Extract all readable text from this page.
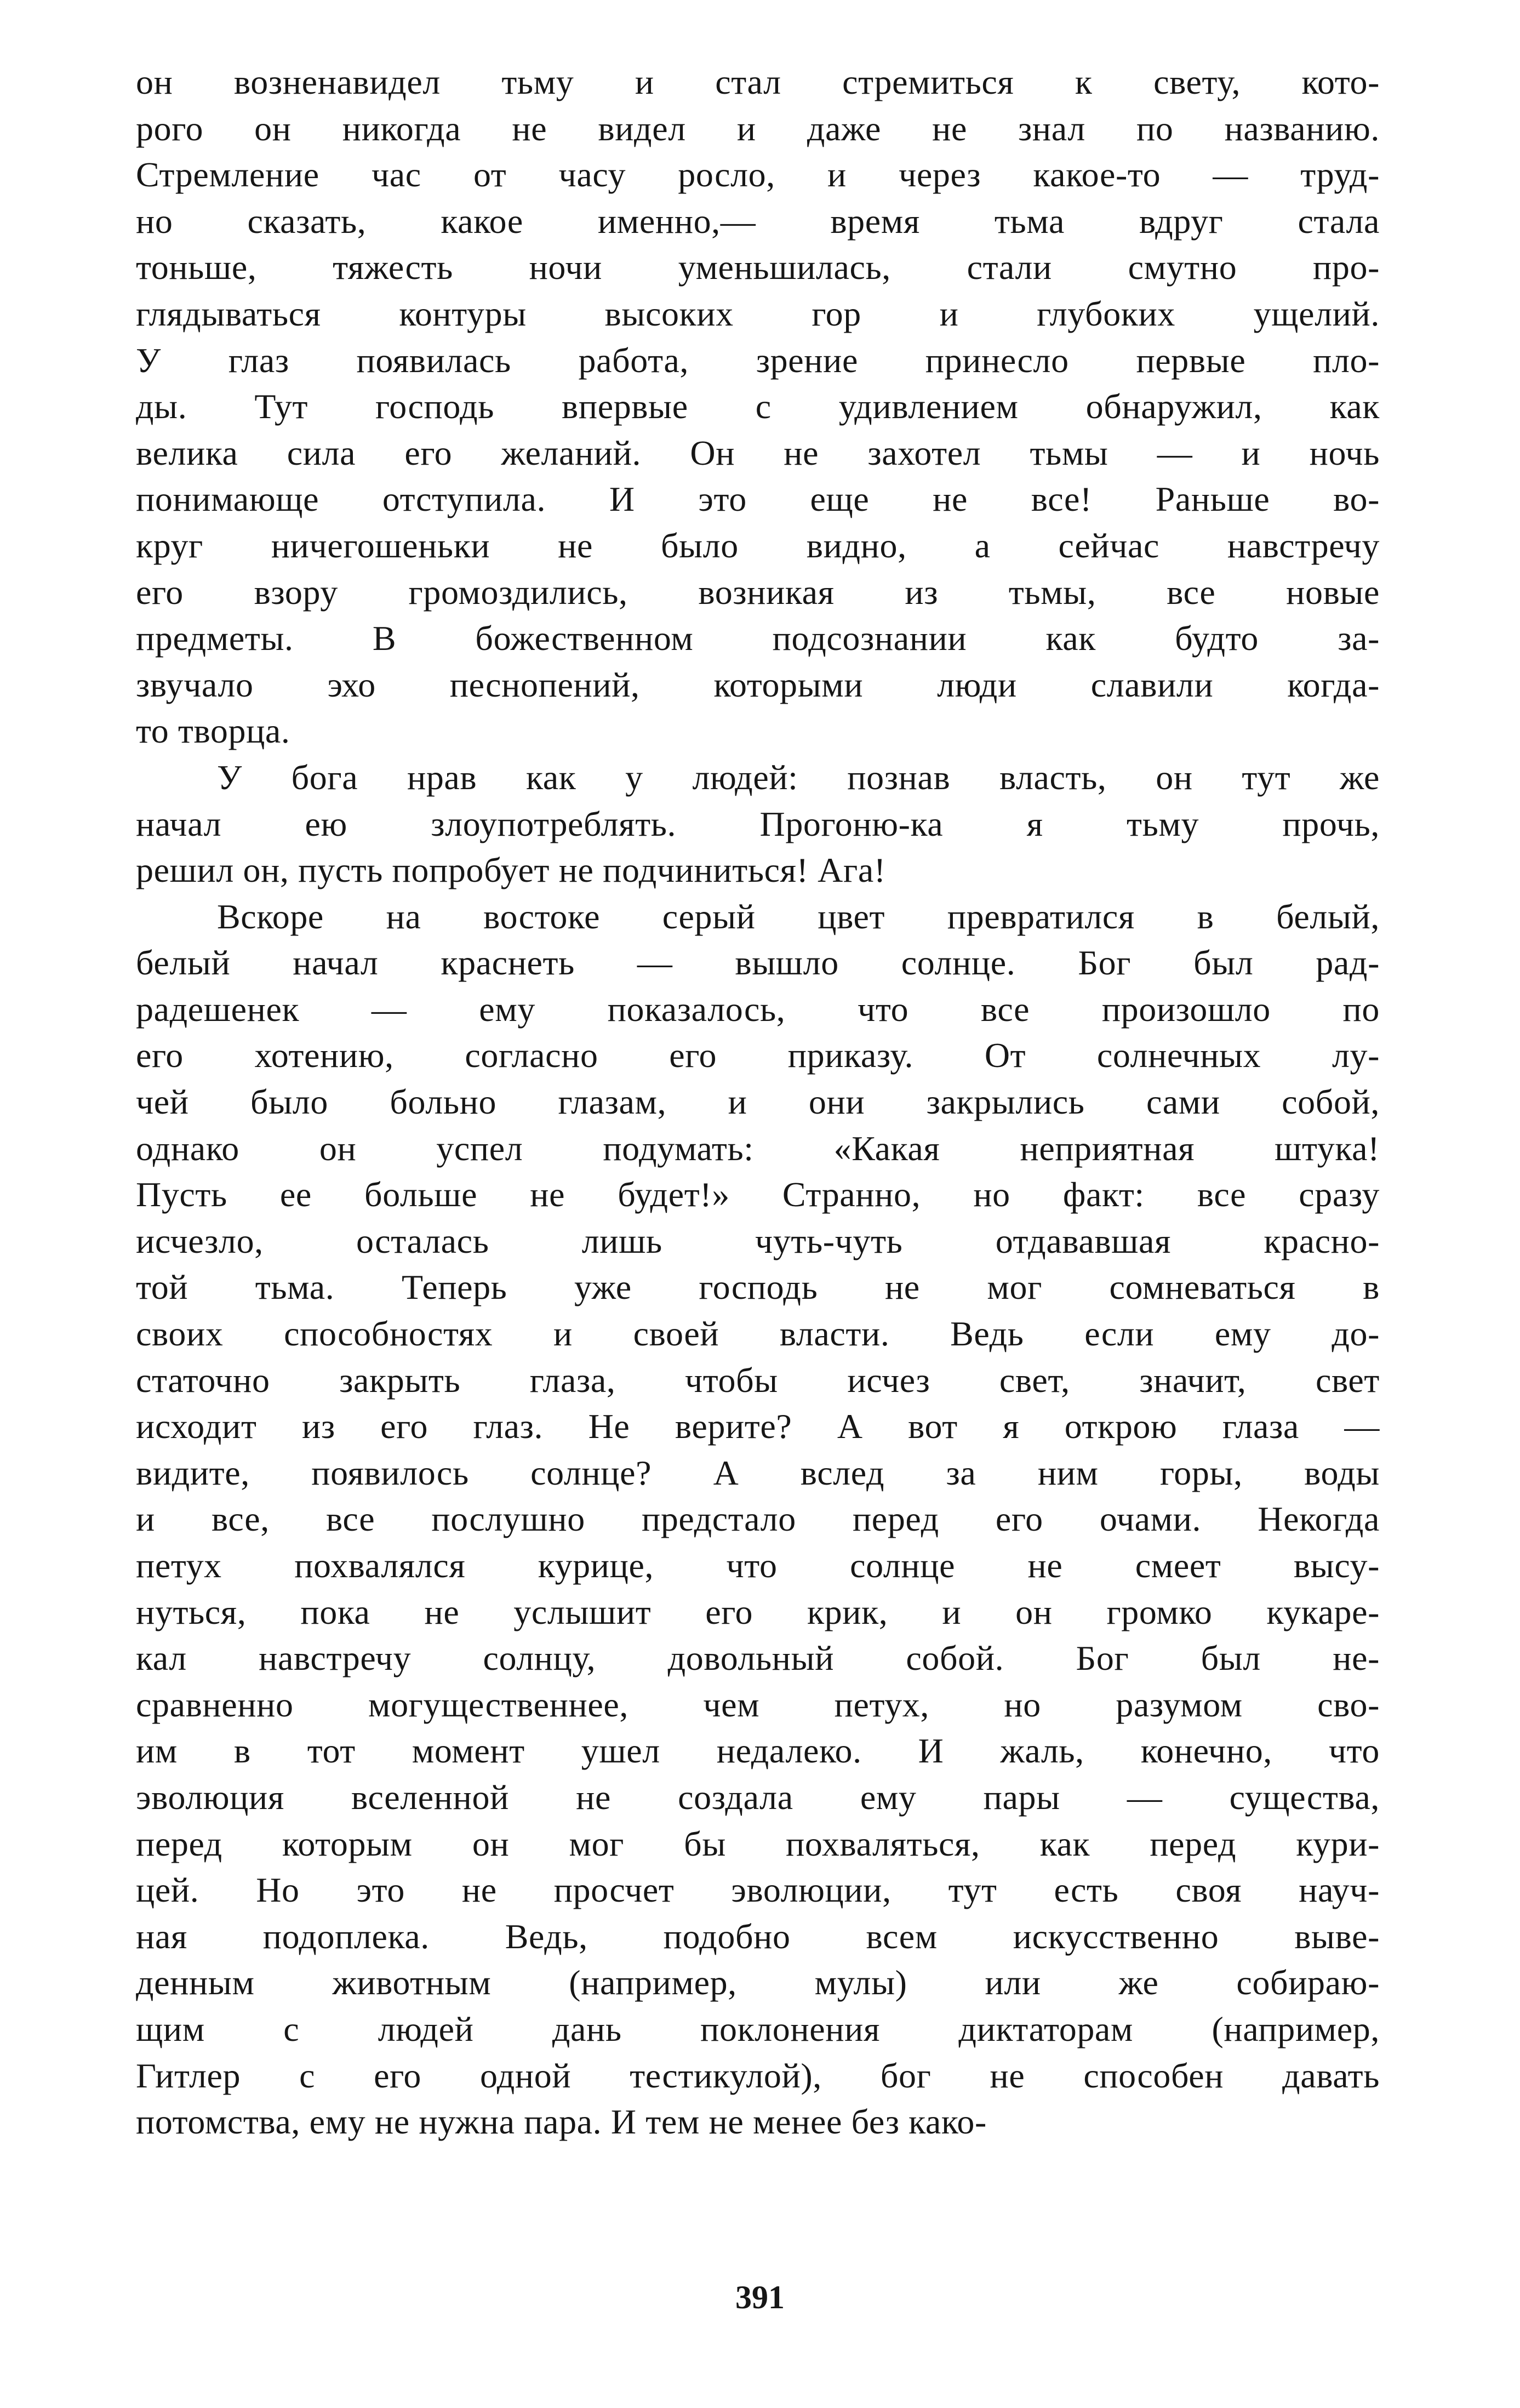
он возненавидел тьму и стал стремиться к свету, кото-
рого он никогда не видел и даже не знал по названию.
Стремление час от часу росло, и через какое-то — труд-
но сказать, какое именно,— время тьма вдруг стала
тоньше, тяжесть ночи уменьшилась, стали смутно про-
глядываться контуры высоких гор и глубоких ущелий.
У глаз появилась работа, зрение принесло первые пло-
ды. Тут господь впервые с удивлением обнаружил, как
велика сила его желаний. Он не захотел тьмы — и ночь
понимающе отступила. И это еще не все! Раньше во-
круг ничегошеньки не было видно, а сейчас навстречу
его взору громоздились, возникая из тьмы, все новые
предметы. В божественном подсознании как будто за-
звучало эхо песнопений, которыми люди славили когда-
то творца.
У бога нрав как у людей: познав власть, он тут же
начал ею злоупотреблять. Прогоню-ка я тьму прочь,
решил он, пусть попробует не подчиниться! Ага!
Вскоре на востоке серый цвет превратился в белый,
белый начал краснеть — вышло солнце. Бог был рад-
радешенек — ему показалось, что все произошло по
его хотению, согласно его приказу. От солнечных лу-
чей было больно глазам, и они закрылись сами собой,
однако он успел подумать: «Какая неприятная штука!
Пусть ее больше не будет!» Странно, но факт: все сразу
исчезло, осталась лишь чуть-чуть отдававшая красно-
той тьма. Теперь уже господь не мог сомневаться в
своих способностях и своей власти. Ведь если ему до-
статочно закрыть глаза, чтобы исчез свет, значит, свет
исходит из его глаз. Не верите? А вот я открою глаза —
видите, появилось солнце? А вслед за ним горы, воды
и все, все послушно предстало перед его очами. Некогда
петух похвалялся курице, что солнце не смеет высу-
нуться, пока не услышит его крик, и он громко кукаре-
кал навстречу солнцу, довольный собой. Бог был не-
сравненно могущественнее, чем петух, но разумом сво-
им в тот момент ушел недалеко. И жаль, конечно, что
эволюция вселенной не создала ему пары — существа,
перед которым он мог бы похваляться, как перед кури-
цей. Но это не просчет эволюции, тут есть своя науч-
ная подоплека. Ведь, подобно всем искусственно выве-
денным животным (например, мулы) или же собираю-
щим с людей дань поклонения диктаторам (например,
Гитлер с его одной тестикулой), бог не способен давать
потомства, ему не нужна пара. И тем не менее без како-
391
